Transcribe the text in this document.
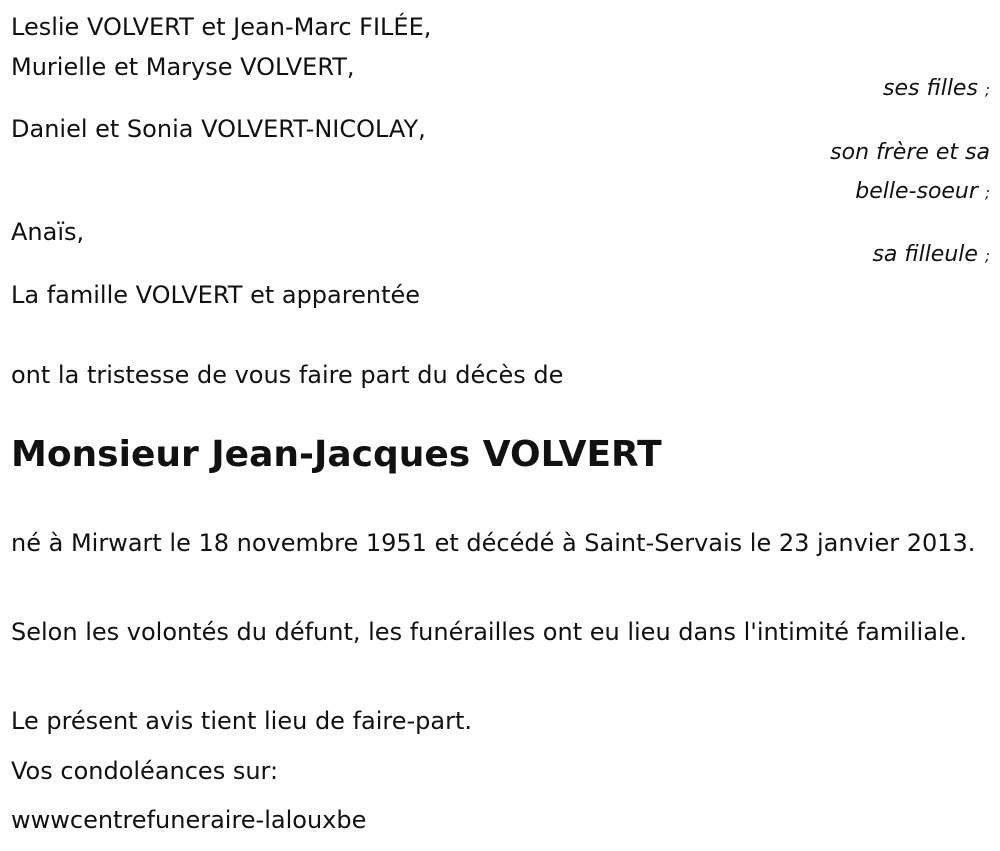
Leslie VOLVERT et Jean-Marc FILÉE,
Murielle et Maryse VOLVERT,
ses filles ;
Daniel et Sonia VOLVERT-NICOLAY,
son frère et sa
belle-soeur ;
Anaïs,
sa filleule ;
La famille VOLVERT et apparentée
ont la tristesse de vous faire part du décès de
Monsieur Jean-Jacques VOLVERT
né à Mirwart le 18 novembre 1951 et décédé à Saint-Servais le 23 janvier 2013.
Selon les volontés du défunt, les funérailles ont eu lieu dans l'intimité familiale.
Le présent avis tient lieu de faire-part.
Vos condoléances sur:
wwwcentrefuneraire-lalouxbe
